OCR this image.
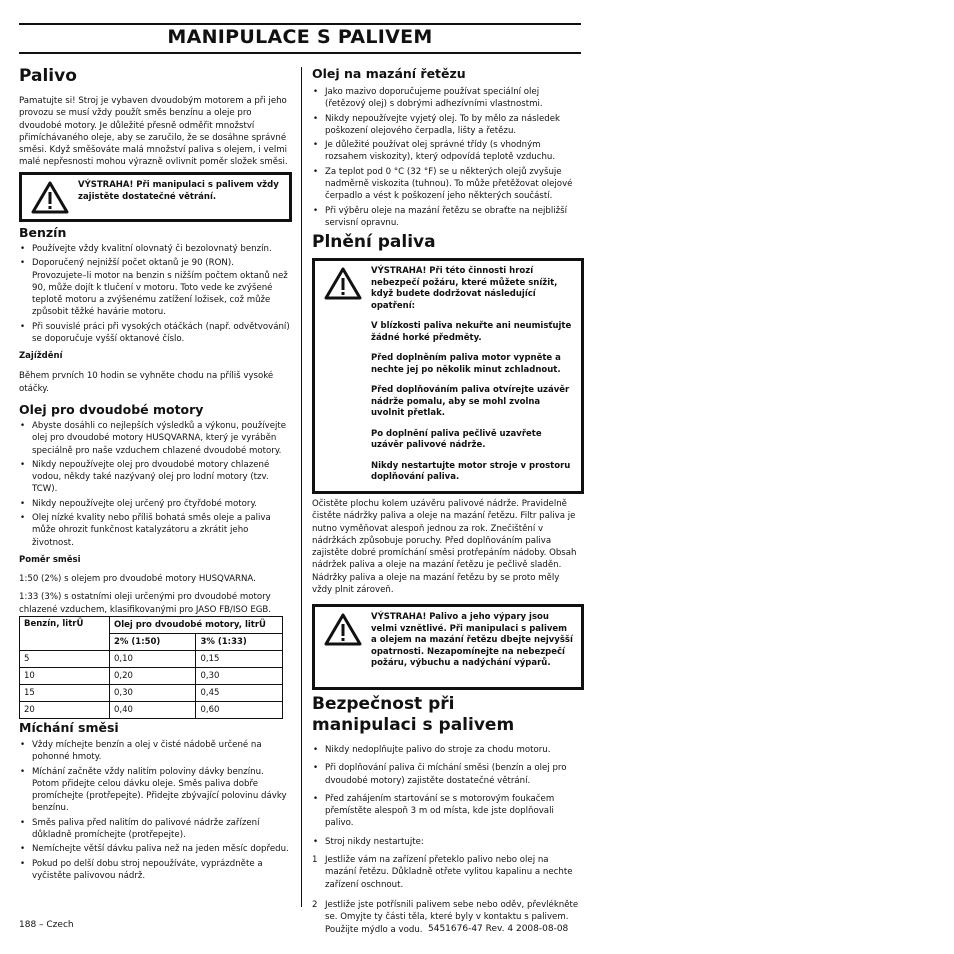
MANIPULACE S PALIVEM
Palivo
Pamatujte si! Stroj je vybaven dvoudobým motorem a při jeho provozu se musí vždy použít směs benzínu a oleje pro dvoudobé motory. Je důležité přesně odměřit množství přimíchávaného oleje, aby se zaručilo, že se dosáhne správné směsi. Když směšováte malá množství paliva s olejem, i velmi malé nepřesnosti mohou výrazně ovlivnit poměr složek směsi.

VÝSTRAHA! Při manipulaci s palivem vždy zajistěte dostatečné větrání.

Benzín
• Používejte vždy kvalitní olovnatý či bezolovnatý benzín.
• Doporučený nejnižší počet oktanů je 90 (RON). Provozujete–li motor na benzin s nižším počtem oktanů než 90, může dojít k tlučení v motoru. Toto vede ke zvýšené teplotě motoru a zvýšenému zatížení ložisek, což může způsobit těžké havárie motoru.
• Při souvislé práci při vysokých otáčkách (např. odvětvování) se doporučuje vyšší oktanové číslo.
Zajíždění
Během prvních 10 hodin se vyhněte chodu na příliš vysoké otáčky.
Olej pro dvoudobé motory
• Abyste dosáhli co nejlepších výsledků a výkonu, používejte olej pro dvoudobé motory HUSQVARNA, který je vyráběn speciálně pro naše vzduchem chlazené dvoudobé motory.
• Nikdy nepoužívejte olej pro dvoudobé motory chlazené vodou, někdy také nazývaný olej pro lodní motory (tzv. TCW).
• Nikdy nepoužívejte olej určený pro čtyřdobé motory.
• Olej nízké kvality nebo příliš bohatá směs oleje a paliva může ohrozit funkčnost katalyzátoru a zkrátit jeho životnost.
Poměr směsi
1:50 (2%) s olejem pro dvoudobé motory HUSQVARNA.
1:33 (3%) s ostatními oleji určenými pro dvoudobé motory chlazené vzduchem, klasifikovanými pro JASO FB/ISO EGB.
Benzín, litrÜ	Olej pro dvoudobé motory, litrÜ	
	2% (1:50)	3% (1:33)
5	0,10	0,15
10	0,20	0,30
15	0,30	0,45
20	0,40	0,60
Míchání směsi
• Vždy míchejte benzín a olej v čisté nádobě určené na pohonné hmoty.
• Míchání začněte vždy nalitím poloviny dávky benzínu. Potom přidejte celou dávku oleje. Směs paliva dobře promíchejte (protřepejte). Přidejte zbývající polovinu dávky benzínu.
• Směs paliva před nalitím do palivové nádrže zařízení důkladně promíchejte (protřepejte).
• Nemíchejte větší dávku paliva než na jeden měsíc dopředu.
• Pokud po delší dobu stroj nepoužíváte, vyprázdněte a vyčistěte palivovou nádrž.
Olej na mazání řetězu
• Jako mazivo doporučujeme používat speciální olej (řetězový olej) s dobrými adhezívními vlastnostmi.
• Nikdy nepoužívejte vyjetý olej. To by mělo za následek poškození olejového čerpadla, lišty a řetězu.
• Je důležité používat olej správné třídy (s vhodným rozsahem viskozity), který odpovídá teplotě vzduchu.
• Za teplot pod 0 °C (32 °F) se u některých olejů zvyšuje nadměrně viskozita (tuhnou). To může přetěžovat olejové čerpadlo a vést k poškození jeho některých součástí.
• Při výběru oleje na mazání řetězu se obraťte na nejbližší servisní opravnu.
Plnění paliva

VÝSTRAHA! Při této činnosti hrozí nebezpečí požáru, které můžete snížit, když budete dodržovat následující opatření:

V blízkosti paliva nekuřte ani neumisťujte žádné horké předměty.

Před doplněním paliva motor vypněte a nechte jej po několik minut zchladnout.

Před doplňováním paliva otvírejte uzávěr nádrže pomalu, aby se mohl zvolna uvolnit přetlak.

Po doplnění paliva pečlivě uzavřete uzávěr palivové nádrže.

Nikdy nestartujte motor stroje v prostoru doplňování paliva.

Očistěte plochu kolem uzávěru palivové nádrže. Pravidelně čistěte nádržky paliva a oleje na mazání řetězu. Filtr paliva je nutno vyměňovat alespoň jednou za rok. Znečištění v nádržkách způsobuje poruchy. Před doplňováním paliva zajistěte dobré promíchání směsi protřepáním nádoby. Obsah nádržek paliva a oleje na mazání řetězu je pečlivě sladěn. Nádržky paliva a oleje na mazání řetězu by se proto měly vždy plnit zároveň.

VÝSTRAHA! Palivo a jeho výpary jsou velmi vznětlivé. Při manipulaci s palivem a olejem na mazání řetězu dbejte nejvyšší opatrnosti. Nezapomínejte na nebezpečí požáru, výbuchu a nadýchání výparů.

Bezpečnost při manipulaci s palivem
• Nikdy nedoplňujte palivo do stroje za chodu motoru.
• Při doplňování paliva či míchání směsi (benzín a olej pro dvoudobé motory) zajistěte dostatečné větrání.
• Před zahájením startování se s motorovým foukačem přemístěte alespoň 3 m od místa, kde jste doplňovali palivo.
• Stroj nikdy nestartujte:
1 Jestliže vám na zařízení přeteklo palivo nebo olej na mazání řetězu. Důkladně otřete vylitou kapalinu a nechte zařízení oschnout.
2 Jestliže jste potřísnili palivem sebe nebo oděv, převlékněte se. Omyjte ty části těla, které byly v kontaktu s palivem. Použijte mýdlo a vodu.
188 – Czech	5451676-47 Rev. 4 2008-08-08
